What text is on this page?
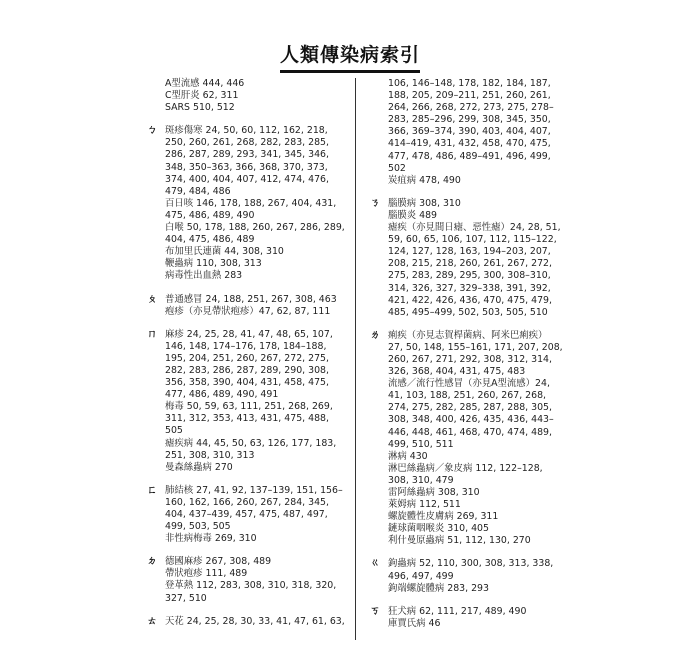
人類傳染病索引
A型流感 444, 446
C型肝炎 62, 311
SARS 510, 512
ㄅ 斑疹傷寒 24, 50, 60, 112, 162, 218,
250, 260, 261, 268, 282, 283, 285,
286, 287, 289, 293, 341, 345, 346,
348, 350–363, 366, 368, 370, 373,
374, 400, 404, 407, 412, 474, 476,
479, 484, 486
百日咳 146, 178, 188, 267, 404, 431,
475, 486, 489, 490
白喉 50, 178, 188, 260, 267, 286, 289,
404, 475, 486, 489
布加里氏連菌 44, 308, 310
鞭蟲病 110, 308, 313
病毒性出血熱 283
ㄆ 普通感冒 24, 188, 251, 267, 308, 463
疱疹（亦見帶狀疱疹）47, 62, 87, 111
ㄇ 麻疹 24, 25, 28, 41, 47, 48, 65, 107,
146, 148, 174–176, 178, 184–188,
195, 204, 251, 260, 267, 272, 275,
282, 283, 286, 287, 289, 290, 308,
356, 358, 390, 404, 431, 458, 475,
477, 486, 489, 490, 491
梅毒 50, 59, 63, 111, 251, 268, 269,
311, 312, 353, 413, 431, 475, 488,
505
瘧疾病 44, 45, 50, 63, 126, 177, 183,
251, 308, 310, 313
曼森絲蟲病 270
ㄈ 肺結核 27, 41, 92, 137–139, 151, 156–
160, 162, 166, 260, 267, 284, 345,
404, 437–439, 457, 475, 487, 497,
499, 503, 505
非性病梅毒 269, 310
ㄉ 德國麻疹 267, 308, 489
帶狀疱疹 111, 489
登革熱 112, 283, 308, 310, 318, 320,
327, 510
ㄊ 天花 24, 25, 28, 30, 33, 41, 47, 61, 63,
106, 146–148, 178, 182, 184, 187,
188, 205, 209–211, 251, 260, 261,
264, 266, 268, 272, 273, 275, 278–
283, 285–296, 299, 308, 345, 350,
366, 369–374, 390, 403, 404, 407,
414–419, 431, 432, 458, 470, 475,
477, 478, 486, 489–491, 496, 499,
502
炭疽病 478, 490
ㄋ 腦膜病 308, 310
腦膜炎 489
瘧疾（亦見間日瘧、惡性瘧）24, 28, 51,
59, 60, 65, 106, 107, 112, 115–122,
124, 127, 128, 163, 194–203, 207,
208, 215, 218, 260, 261, 267, 272,
275, 283, 289, 295, 300, 308–310,
314, 326, 327, 329–338, 391, 392,
421, 422, 426, 436, 470, 475, 479,
485, 495–499, 502, 503, 505, 510
ㄌ 痢疾（亦見志賀桿菌病、阿米巴痢疾）
27, 50, 148, 155–161, 171, 207, 208,
260, 267, 271, 292, 308, 312, 314,
326, 368, 404, 431, 475, 483
流感／流行性感冒（亦見A型流感）24,
41, 103, 188, 251, 260, 267, 268,
274, 275, 282, 285, 287, 288, 305,
308, 348, 400, 426, 435, 436, 443–
446, 448, 461, 468, 470, 474, 489,
499, 510, 511
淋病 430
淋巴絲蟲病／象皮病 112, 122–128,
308, 310, 479
雷阿絲蟲病 308, 310
萊姆病 112, 511
螺旋體性皮膚病 269, 311
鏈球菌咽喉炎 310, 405
利什曼原蟲病 51, 112, 130, 270
ㄍ 鉤蟲病 52, 110, 300, 308, 313, 338,
496, 497, 499
鉤端螺旋體病 283, 293
ㄎ 狂犬病 62, 111, 217, 489, 490
庫賈氏病 46
